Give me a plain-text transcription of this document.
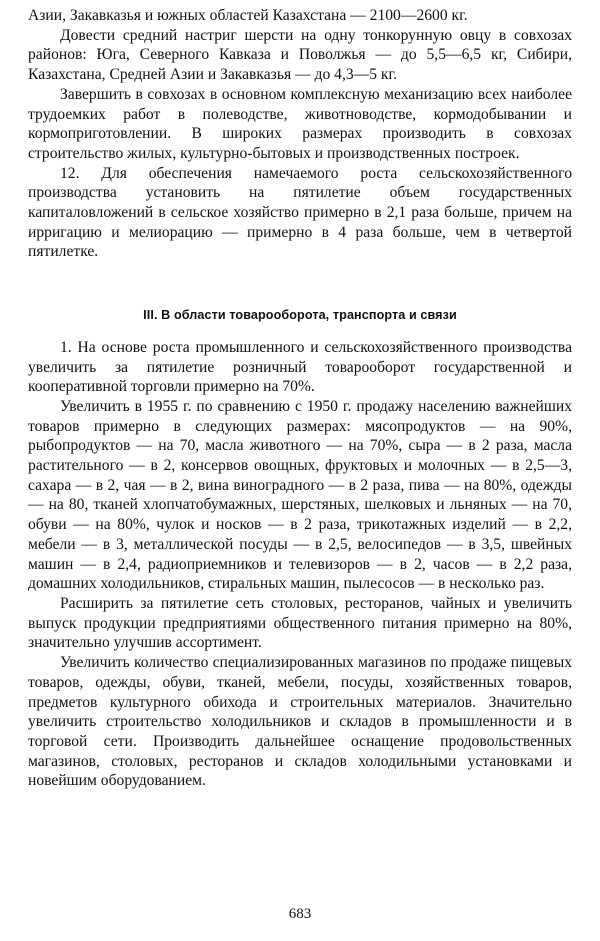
Азии, Закавказья и южных областей Казахстана — 2100—2600 кг.

Довести средний настриг шерсти на одну тонкорунную овцу в совхозах районов: Юга, Северного Кавказа и Поволжья — до 5,5—6,5 кг, Сибири, Казахстана, Средней Азии и Закавказья — до 4,3—5 кг.

Завершить в совхозах в основном комплексную механизацию всех наиболее трудоемких работ в полеводстве, животноводстве, кормодобывании и кормоприготовлении. В широких размерах производить в совхозах строительство жилых, культурно-бытовых и производственных построек.

12. Для обеспечения намечаемого роста сельскохозяйственного производства установить на пятилетие объем государственных капиталовложений в сельское хозяйство примерно в 2,1 раза больше, причем на ирригацию и мелиорацию — примерно в 4 раза больше, чем в четвертой пятилетке.

III. В области товарооборота, транспорта и связи

1. На основе роста промышленного и сельскохозяйственного производства увеличить за пятилетие розничный товарооборот государственной и кооперативной торговли примерно на 70%.

Увеличить в 1955 г. по сравнению с 1950 г. продажу населению важнейших товаров примерно в следующих размерах: мясопродуктов — на 90%, рыбопродуктов — на 70, масла животного — на 70%, сыра — в 2 раза, масла растительного — в 2, консервов овощных, фруктовых и молочных — в 2,5—3, сахара — в 2, чая — в 2, вина виноградного — в 2 раза, пива — на 80%, одежды — на 80, тканей хлопчатобумажных, шерстяных, шелковых и льняных — на 70, обуви — на 80%, чулок и носков — в 2 раза, трикотажных изделий — в 2,2, мебели — в 3, металлической посуды — в 2,5, велосипедов — в 3,5, швейных машин — в 2,4, радиоприемников и телевизоров — в 2, часов — в 2,2 раза, домашних холодильников, стиральных машин, пылесосов — в несколько раз.

Расширить за пятилетие сеть столовых, ресторанов, чайных и увеличить выпуск продукции предприятиями общественного питания примерно на 80%, значительно улучшив ассортимент.

Увеличить количество специализированных магазинов по продаже пищевых товаров, одежды, обуви, тканей, мебели, посуды, хозяйственных товаров, предметов культурного обихода и строительных материалов. Значительно увеличить строительство холодильников и складов в промышленности и в торговой сети. Производить дальнейшее оснащение продовольственных магазинов, столовых, ресторанов и складов холодильными установками и новейшим оборудованием.

683
